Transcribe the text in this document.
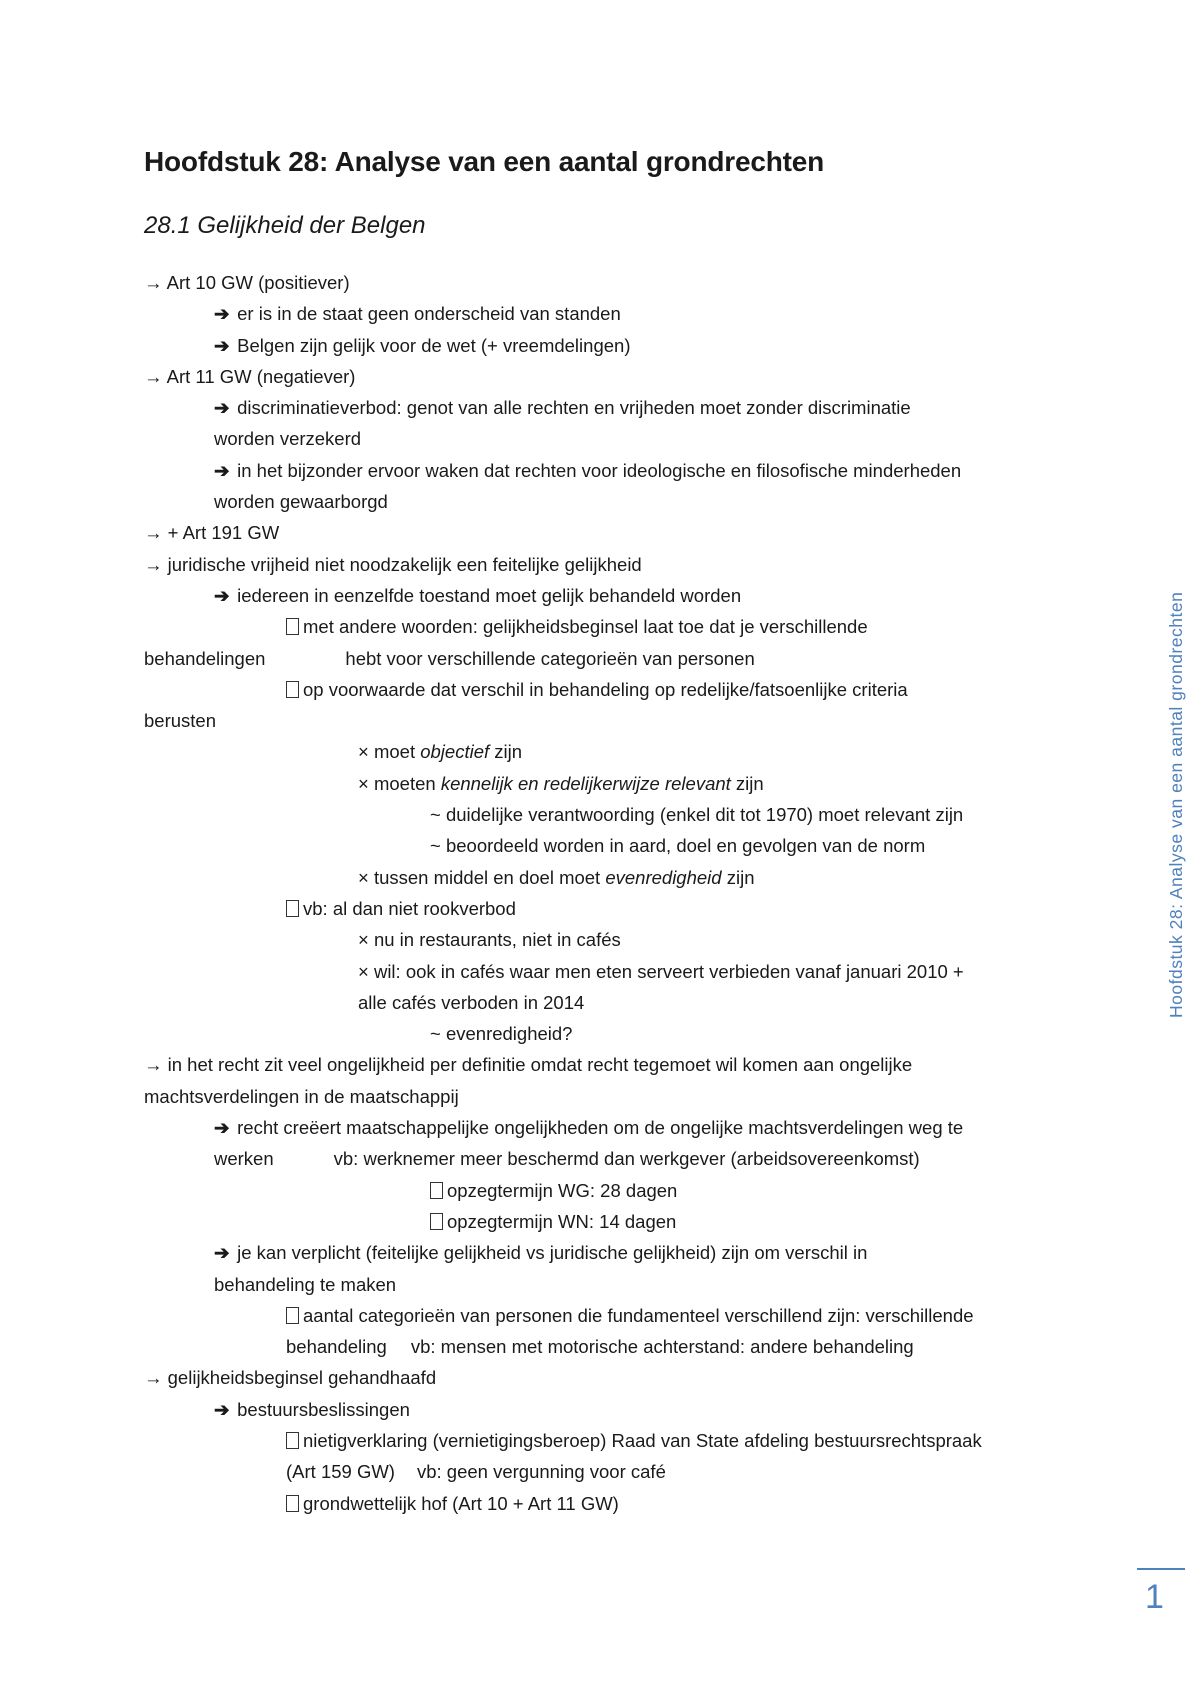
Hoofdstuk 28: Analyse van een aantal grondrechten
28.1 Gelijkheid der Belgen
→ Art 10 GW (positiever)
➔ er is in de staat geen onderscheid van standen
➔ Belgen zijn gelijk voor de wet (+ vreemdelingen)
→ Art 11 GW (negatiever)
➔ discriminatieverbod: genot van alle rechten en vrijheden moet zonder discriminatie
worden verzekerd
➔ in het bijzonder ervoor waken dat rechten voor ideologische en filosofische minderheden
worden gewaarborgd
→ + Art 191 GW
→ juridische vrijheid niet noodzakelijk een feitelijke gelijkheid
➔ iedereen in eenzelfde toestand moet gelijk behandeld worden
met andere woorden: gelijkheidsbeginsel laat toe dat je verschillende
behandelingen	hebt voor verschillende categorieën van personen
op voorwaarde dat verschil in behandeling op redelijke/fatsoenlijke criteria
berusten
× moet objectief zijn
× moeten kennelijk en redelijkerwijze relevant zijn
~ duidelijke verantwoording (enkel dit tot 1970) moet relevant zijn
~ beoordeeld worden in aard, doel en gevolgen van de norm
× tussen middel en doel moet evenredigheid zijn
vb: al dan niet rookverbod
× nu in restaurants, niet in cafés
× wil: ook in cafés waar men eten serveert verbieden vanaf januari 2010 +
alle cafés verboden in 2014
~ evenredigheid?
→ in het recht zit veel ongelijkheid per definitie omdat recht tegemoet wil komen aan ongelijke
machtsverdelingen in de maatschappij
➔ recht creëert maatschappelijke ongelijkheden om de ongelijke machtsverdelingen weg te
werken	vb: werknemer meer beschermd dan werkgever (arbeidsovereenkomst)
opzegtermijn WG: 28 dagen
opzegtermijn WN: 14 dagen
➔ je kan verplicht (feitelijke gelijkheid vs juridische gelijkheid) zijn om verschil in
behandeling te maken
aantal categorieën van personen die fundamenteel verschillend zijn: verschillende
behandeling vb: mensen met motorische achterstand: andere behandeling
→ gelijkheidsbeginsel gehandhaafd
➔ bestuursbeslissingen
nietigverklaring (vernietigingsberoep) Raad van State afdeling bestuursrechtspraak
(Art 159 GW) vb: geen vergunning voor café
grondwettelijk hof (Art 10 + Art 11 GW)
Hoofdstuk 28: Analyse van een aantal grondrechten
1
